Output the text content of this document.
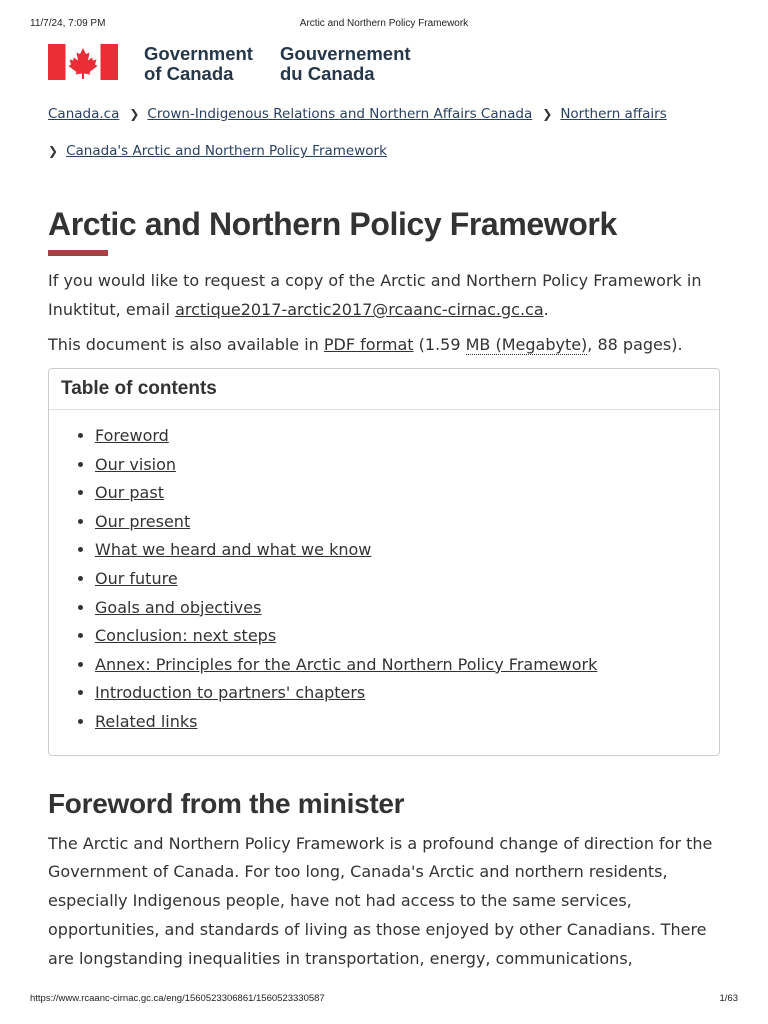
11/7/24, 7:09 PM	Arctic and Northern Policy Framework
Government
of Canada
Gouvernement
du Canada
Canada.ca ❯ Crown-Indigenous Relations and Northern Affairs Canada ❯ Northern affairs
❯ Canada's Arctic and Northern Policy Framework
Arctic and Northern Policy Framework

If you would like to request a copy of the Arctic and Northern Policy Framework in Inuktitut, email arctique2017-arctic2017@rcaanc-cirnac.gc.ca.

This document is also available in PDF format (1.59 MB (Megabyte), 88 pages).

Table of contents
• Foreword
• Our vision
• Our past
• Our present
• What we heard and what we know
• Our future
• Goals and objectives
• Conclusion: next steps
• Annex: Principles for the Arctic and Northern Policy Framework
• Introduction to partners' chapters
• Related links
Foreword from the minister

The Arctic and Northern Policy Framework is a profound change of direction for the Government of Canada. For too long, Canada's Arctic and northern residents, especially Indigenous people, have not had access to the same services, opportunities, and standards of living as those enjoyed by other Canadians. There are longstanding inequalities in transportation, energy, communications,

https://www.rcaanc-cirnac.gc.ca/eng/1560523306861/1560523330587	1/63
